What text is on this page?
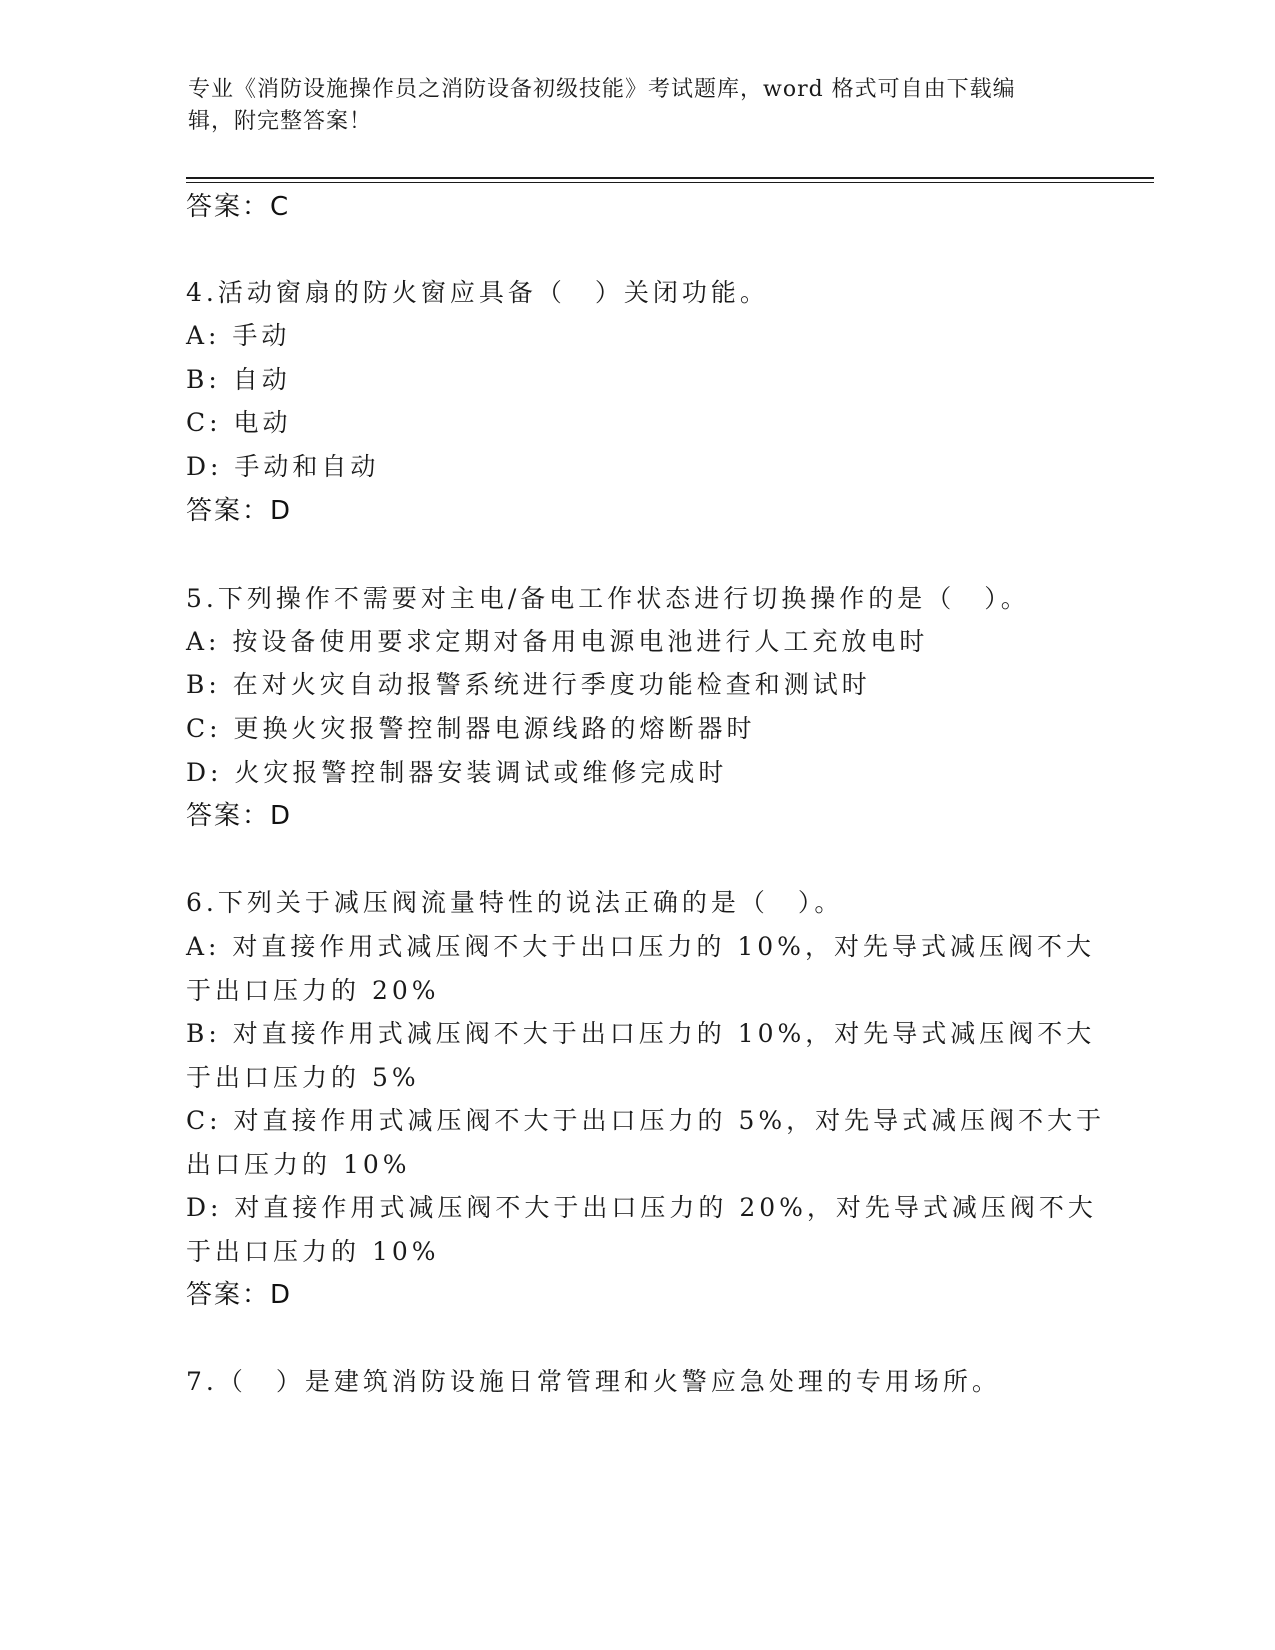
专业《消防设施操作员之消防设备初级技能》考试题库，word 格式可自由下载编
辑，附完整答案！
答案：C
4.活动窗扇的防火窗应具备（　）关闭功能。
A: 手动
B: 自动
C: 电动
D: 手动和自动
答案：D
5.下列操作不需要对主电/备电工作状态进行切换操作的是（　）。
A: 按设备使用要求定期对备用电源电池进行人工充放电时
B: 在对火灾自动报警系统进行季度功能检查和测试时
C: 更换火灾报警控制器电源线路的熔断器时
D: 火灾报警控制器安装调试或维修完成时
答案：D
6.下列关于减压阀流量特性的说法正确的是（　）。
A: 对直接作用式减压阀不大于出口压力的 10%，对先导式减压阀不大
于出口压力的 20%
B: 对直接作用式减压阀不大于出口压力的 10%，对先导式减压阀不大
于出口压力的 5%
C: 对直接作用式减压阀不大于出口压力的 5%，对先导式减压阀不大于
出口压力的 10%
D: 对直接作用式减压阀不大于出口压力的 20%，对先导式减压阀不大
于出口压力的 10%
答案：D
7.（　）是建筑消防设施日常管理和火警应急处理的专用场所。
